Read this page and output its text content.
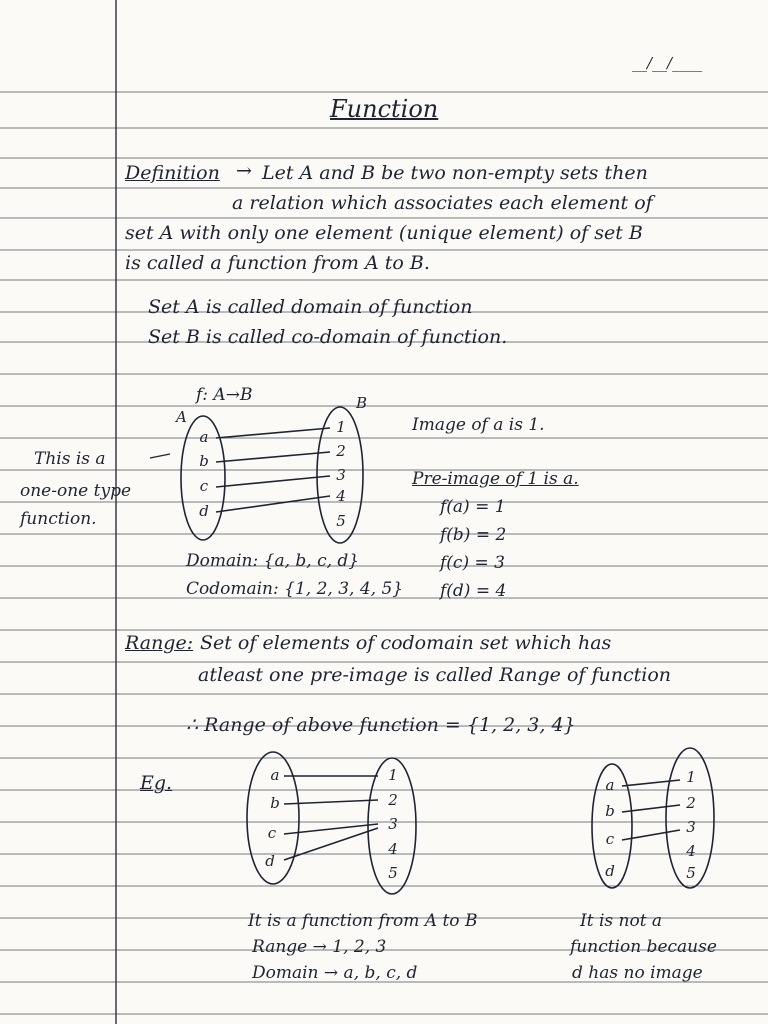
__/__/____
Function
Definition → Let A and B be two non-empty sets then
a relation which associates each element of
set A with only one element (unique element) of set B
is called a function from A to B.
Set A is called domain of function
Set B is called co-domain of function.
f: A→B
A
B
a
b
c
d
1
2
3
4
5
This is a
one-one type
function.
Image of a is 1.
Pre-image of 1 is a.
f(a) = 1
f(b) = 2
f(c) = 3
f(d) = 4
Domain: {a, b, c, d}
Codomain: {1, 2, 3, 4, 5}
Range: Set of elements of codomain set which has
atleast one pre-image is called Range of function
∴ Range of above function = {1, 2, 3, 4}
Eg.	a
b
c
d
1
2
3
4
5
a
b
c
d
1
2
3
4
5
It is a function from A to B
Range → 1, 2, 3
Domain → a, b, c, d
It is not a
function because
d has no image
